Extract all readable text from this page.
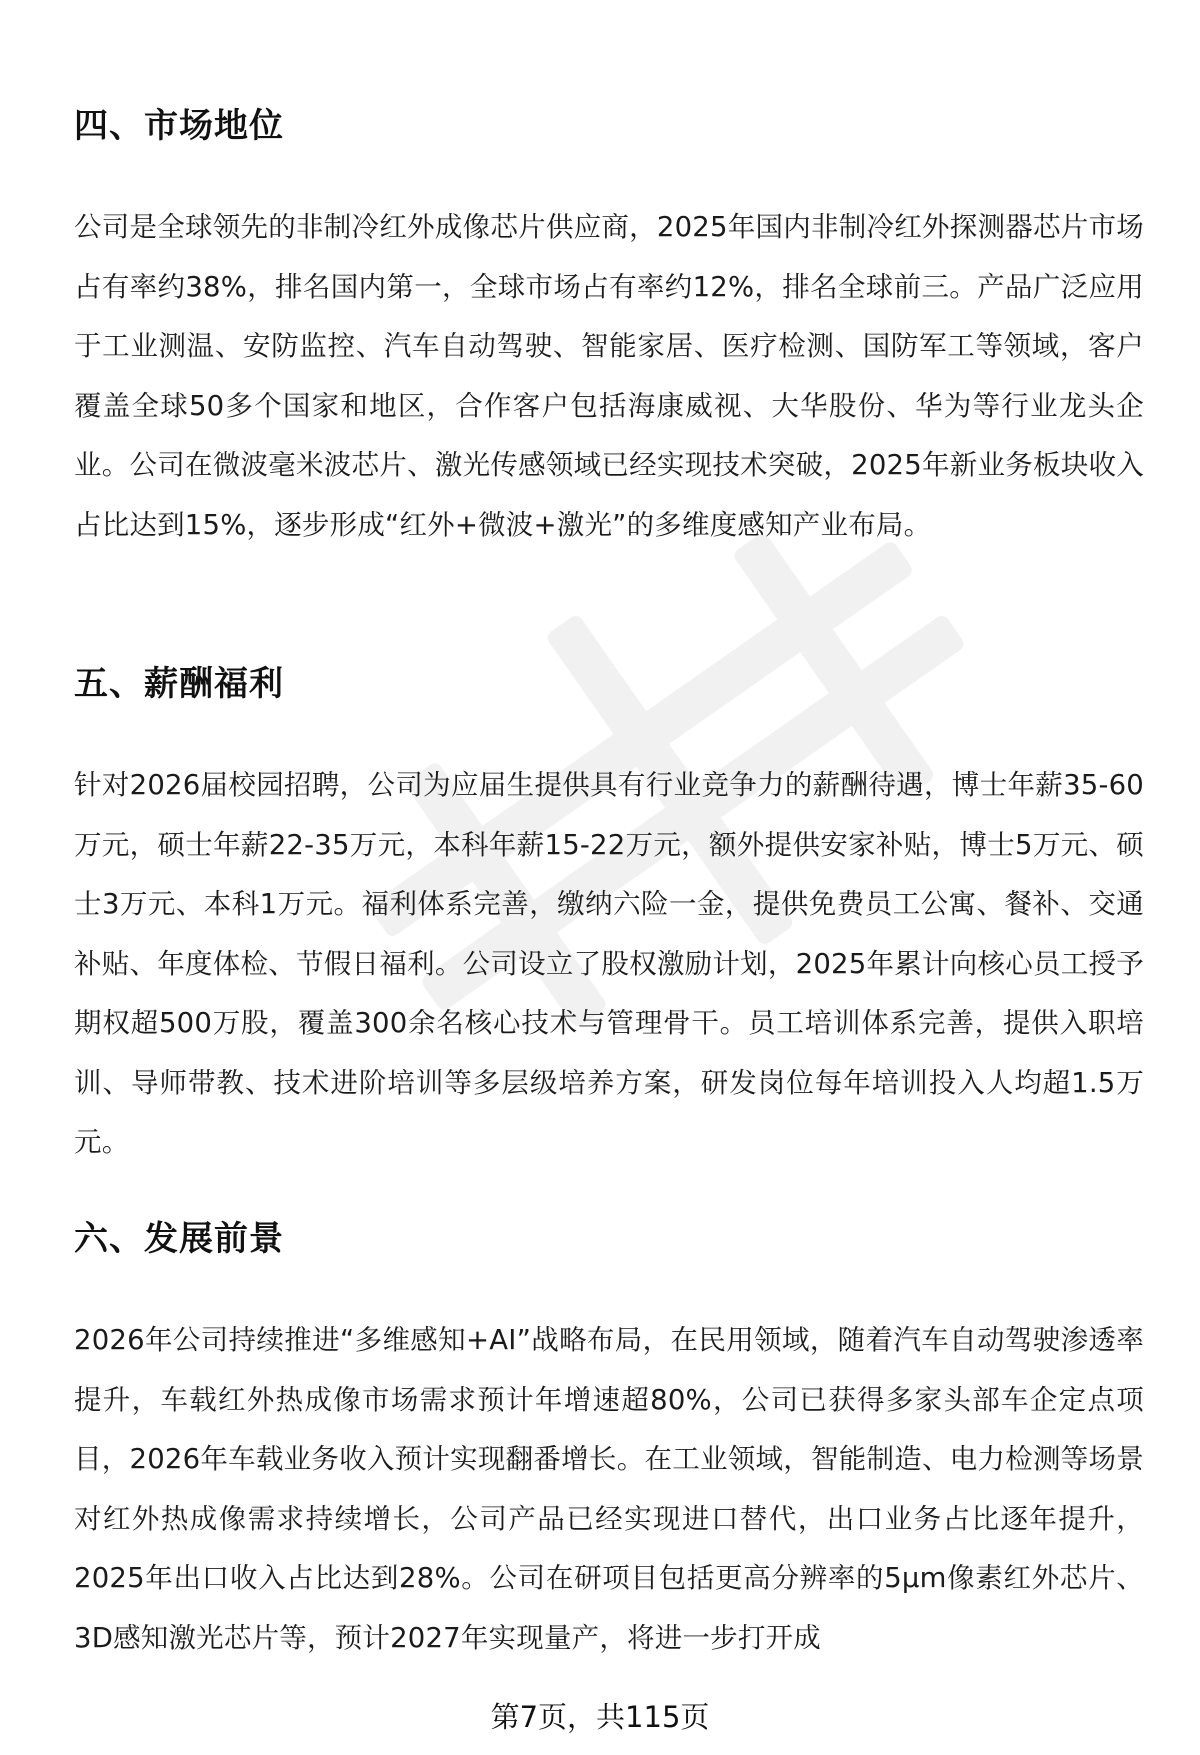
四、市场地位

公司是全球领先的非制冷红外成像芯片供应商，2025年国内非制冷红外探测器芯片市场占有率约38%，排名国内第一，全球市场占有率约12%，排名全球前三。产品广泛应用于工业测温、安防监控、汽车自动驾驶、智能家居、医疗检测、国防军工等领域，客户覆盖全球50多个国家和地区，合作客户包括海康威视、大华股份、华为等行业龙头企业。公司在微波毫米波芯片、激光传感领域已经实现技术突破，2025年新业务板块收入占比达到15%，逐步形成“红外+微波+激光”的多维度感知产业布局。

五、薪酬福利

针对2026届校园招聘，公司为应届生提供具有行业竞争力的薪酬待遇，博士年薪35-60万元，硕士年薪22-35万元，本科年薪15-22万元，额外提供安家补贴，博士5万元、硕士3万元、本科1万元。福利体系完善，缴纳六险一金，提供免费员工公寓、餐补、交通补贴、年度体检、节假日福利。公司设立了股权激励计划，2025年累计向核心员工授予期权超500万股，覆盖300余名核心技术与管理骨干。员工培训体系完善，提供入职培训、导师带教、技术进阶培训等多层级培养方案，研发岗位每年培训投入人均超1.5万元。

六、发展前景

2026年公司持续推进“多维感知+AI”战略布局，在民用领域，随着汽车自动驾驶渗透率提升，车载红外热成像市场需求预计年增速超80%，公司已获得多家头部车企定点项目，2026年车载业务收入预计实现翻番增长。在工业领域，智能制造、电力检测等场景对红外热成像需求持续增长，公司产品已经实现进口替代，出口业务占比逐年提升，2025年出口收入占比达到28%。公司在研项目包括更高分辨率的5μm像素红外芯片、3D感知激光芯片等，预计2027年实现量产，将进一步打开成

第7页，共115页
